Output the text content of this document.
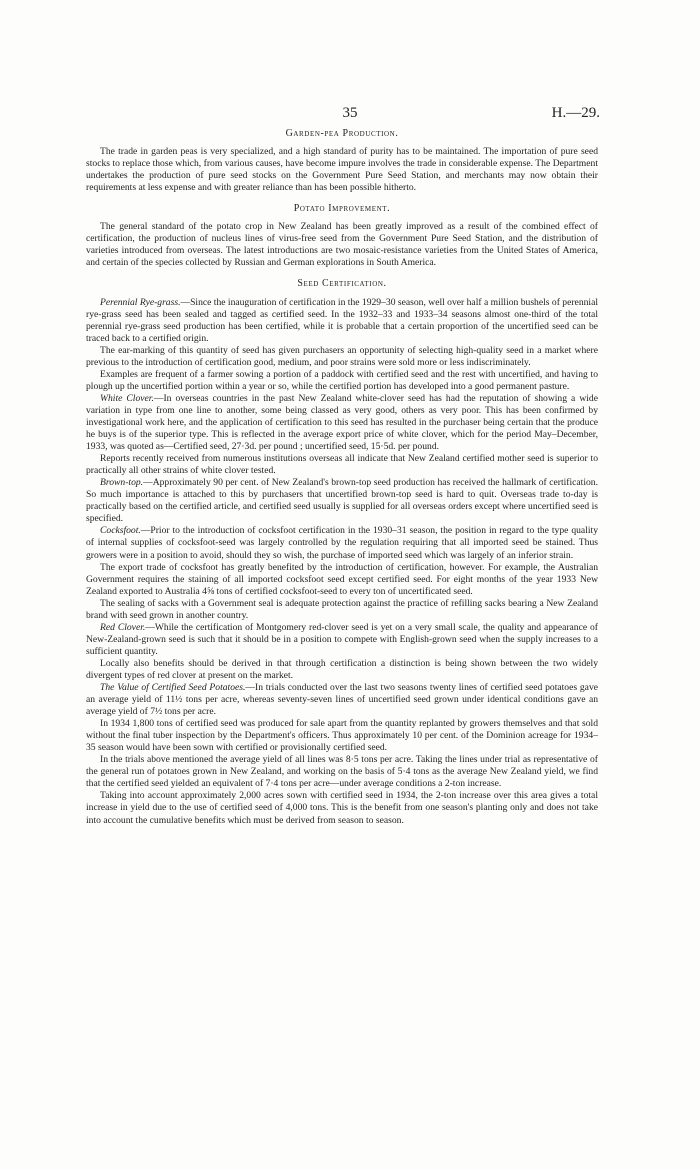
35	H.—29.
Garden-pea Production.

The trade in garden peas is very specialized, and a high standard of purity has to be maintained. The importation of pure seed stocks to replace those which, from various causes, have become impure involves the trade in considerable expense. The Department undertakes the production of pure seed stocks on the Government Pure Seed Station, and merchants may now obtain their requirements at less expense and with greater reliance than has been possible hitherto.

Potato Improvement.

The general standard of the potato crop in New Zealand has been greatly improved as a result of the combined effect of certification, the production of nucleus lines of virus-free seed from the Government Pure Seed Station, and the distribution of varieties introduced from overseas. The latest introductions are two mosaic-resistance varieties from the United States of America, and certain of the species collected by Russian and German explorations in South America.

Seed Certification.

Perennial Rye-grass.—Since the inauguration of certification in the 1929–30 season, well over half a million bushels of perennial rye-grass seed has been sealed and tagged as certified seed. In the 1932–33 and 1933–34 seasons almost one-third of the total perennial rye-grass seed production has been certified, while it is probable that a certain proportion of the uncertified seed can be traced back to a certified origin.

The ear-marking of this quantity of seed has given purchasers an opportunity of selecting high-quality seed in a market where previous to the introduction of certification good, medium, and poor strains were sold more or less indiscriminately.

Examples are frequent of a farmer sowing a portion of a paddock with certified seed and the rest with uncertified, and having to plough up the uncertified portion within a year or so, while the certified portion has developed into a good permanent pasture.

White Clover.—In overseas countries in the past New Zealand white-clover seed has had the reputation of showing a wide variation in type from one line to another, some being classed as very good, others as very poor. This has been confirmed by investigational work here, and the application of certification to this seed has resulted in the purchaser being certain that the produce he buys is of the superior type. This is reflected in the average export price of white clover, which for the period May–December, 1933, was quoted as—Certified seed, 27·3d. per pound ; uncertified seed, 15·5d. per pound.

Reports recently received from numerous institutions overseas all indicate that New Zealand certified mother seed is superior to practically all other strains of white clover tested.

Brown-top.—Approximately 90 per cent. of New Zealand's brown-top seed production has received the hallmark of certification. So much importance is attached to this by purchasers that uncertified brown-top seed is hard to quit. Overseas trade to-day is practically based on the certified article, and certified seed usually is supplied for all overseas orders except where uncertified seed is specified.

Cocksfoot.—Prior to the introduction of cocksfoot certification in the 1930–31 season, the position in regard to the type quality of internal supplies of cocksfoot-seed was largely controlled by the regulation requiring that all imported seed be stained. Thus growers were in a position to avoid, should they so wish, the purchase of imported seed which was largely of an inferior strain.

The export trade of cocksfoot has greatly benefited by the introduction of certification, however. For example, the Australian Government requires the staining of all imported cocksfoot seed except certified seed. For eight months of the year 1933 New Zealand exported to Australia 4⅝ tons of certified cocksfoot-seed to every ton of uncertificated seed.

The sealing of sacks with a Government seal is adequate protection against the practice of refilling sacks bearing a New Zealand brand with seed grown in another country.

Red Clover.—While the certification of Montgomery red-clover seed is yet on a very small scale, the quality and appearance of New-Zealand-grown seed is such that it should be in a position to compete with English-grown seed when the supply increases to a sufficient quantity.

Locally also benefits should be derived in that through certification a distinction is being shown between the two widely divergent types of red clover at present on the market.

The Value of Certified Seed Potatoes.—In trials conducted over the last two seasons twenty lines of certified seed potatoes gave an average yield of 11½ tons per acre, whereas seventy-seven lines of uncertified seed grown under identical conditions gave an average yield of 7½ tons per acre.

In 1934 1,800 tons of certified seed was produced for sale apart from the quantity replanted by growers themselves and that sold without the final tuber inspection by the Department's officers. Thus approximately 10 per cent. of the Dominion acreage for 1934–35 season would have been sown with certified or provisionally certified seed.

In the trials above mentioned the average yield of all lines was 8·5 tons per acre. Taking the lines under trial as representative of the general run of potatoes grown in New Zealand, and working on the basis of 5·4 tons as the average New Zealand yield, we find that the certified seed yielded an equivalent of 7·4 tons per acre—under average conditions a 2-ton increase.

Taking into account approximately 2,000 acres sown with certified seed in 1934, the 2-ton increase over this area gives a total increase in yield due to the use of certified seed of 4,000 tons. This is the benefit from one season's planting only and does not take into account the cumulative benefits which must be derived from season to season.
